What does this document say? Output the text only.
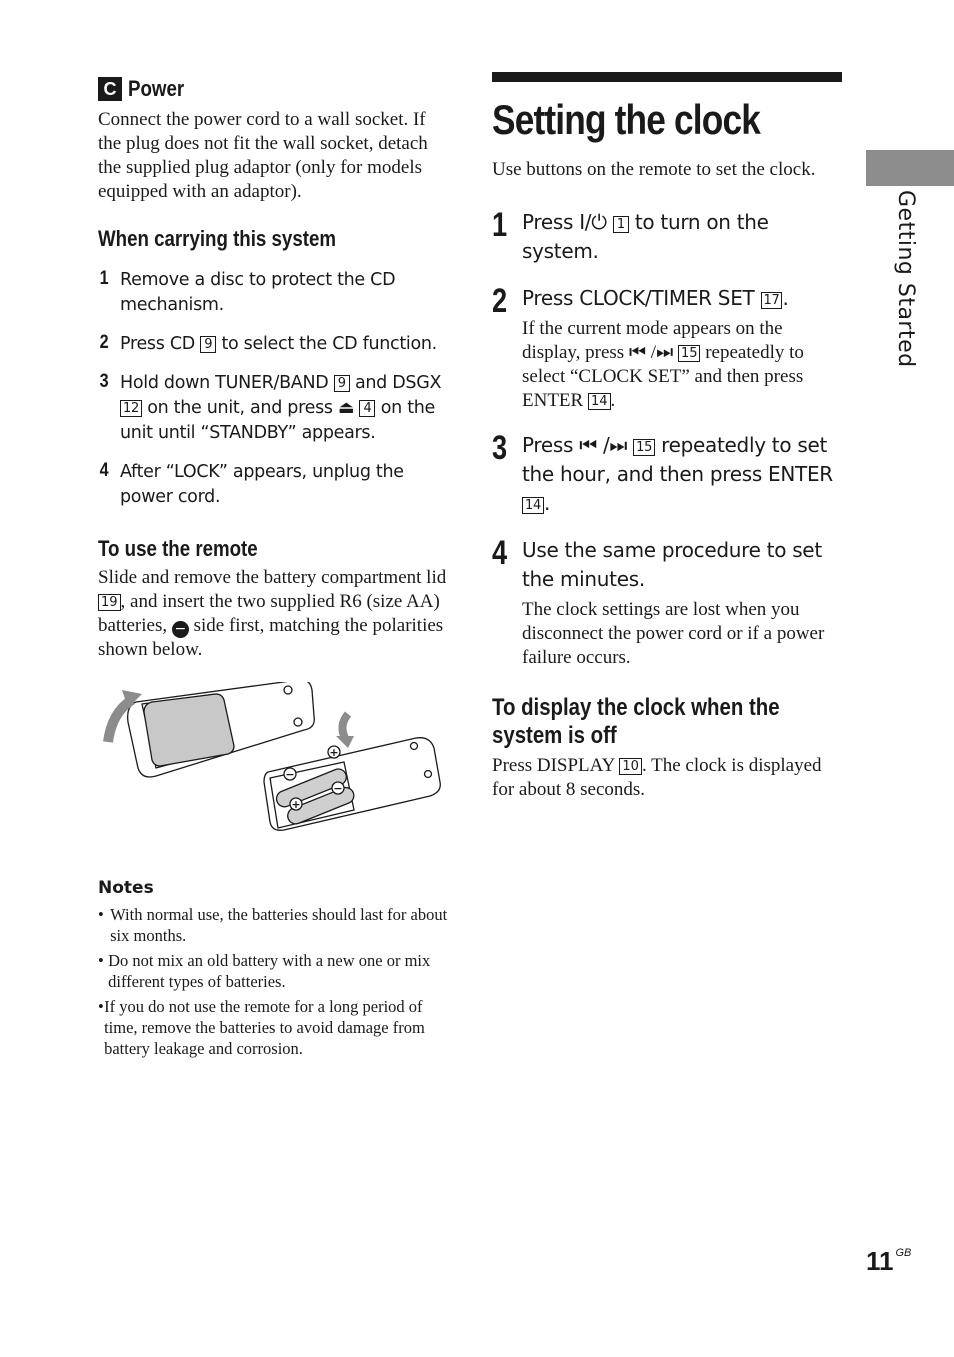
Getting Started
C Power
Connect the power cord to a wall socket. If the plug does not fit the wall socket, detach the supplied plug adaptor (only for models equipped with an adaptor).
When carrying this system
1 Remove a disc to protect the CD mechanism.
2 Press CD 9 to select the CD function.
3 Hold down TUNER/BAND 9 and DSGX 12 on the unit, and press ⏏ 4 on the unit until “STANDBY” appears.
4 After “LOCK” appears, unplug the power cord.
To use the remote
Slide and remove the battery compartment lid 19 , and insert the two supplied R6 (size AA) batteries, − side first, matching the polarities shown below.
+
−
+
−
Notes
• With normal use, the batteries should last for about six months.
• Do not mix an old battery with a new one or mix different types of batteries.
• If you do not use the remote for a long period of time, remove the batteries to avoid damage from battery leakage and corrosion.
Setting the clock
Use buttons on the remote to set the clock.
1 Press I/⏻ 1 to turn on the system.
2 Press CLOCK/TIMER SET 17 .
If the current mode appears on the display, press ⏮ /⏭ 15 repeatedly to select “CLOCK SET” and then press ENTER 14 .
3 Press ⏮ /⏭ 15 repeatedly to set the hour, and then press ENTER 14 .
4 Use the same procedure to set the minutes.
The clock settings are lost when you disconnect the power cord or if a power failure occurs.
To display the clock when the system is off
Press DISPLAY 10 . The clock is displayed for about 8 seconds.
11 $^{GB}$
